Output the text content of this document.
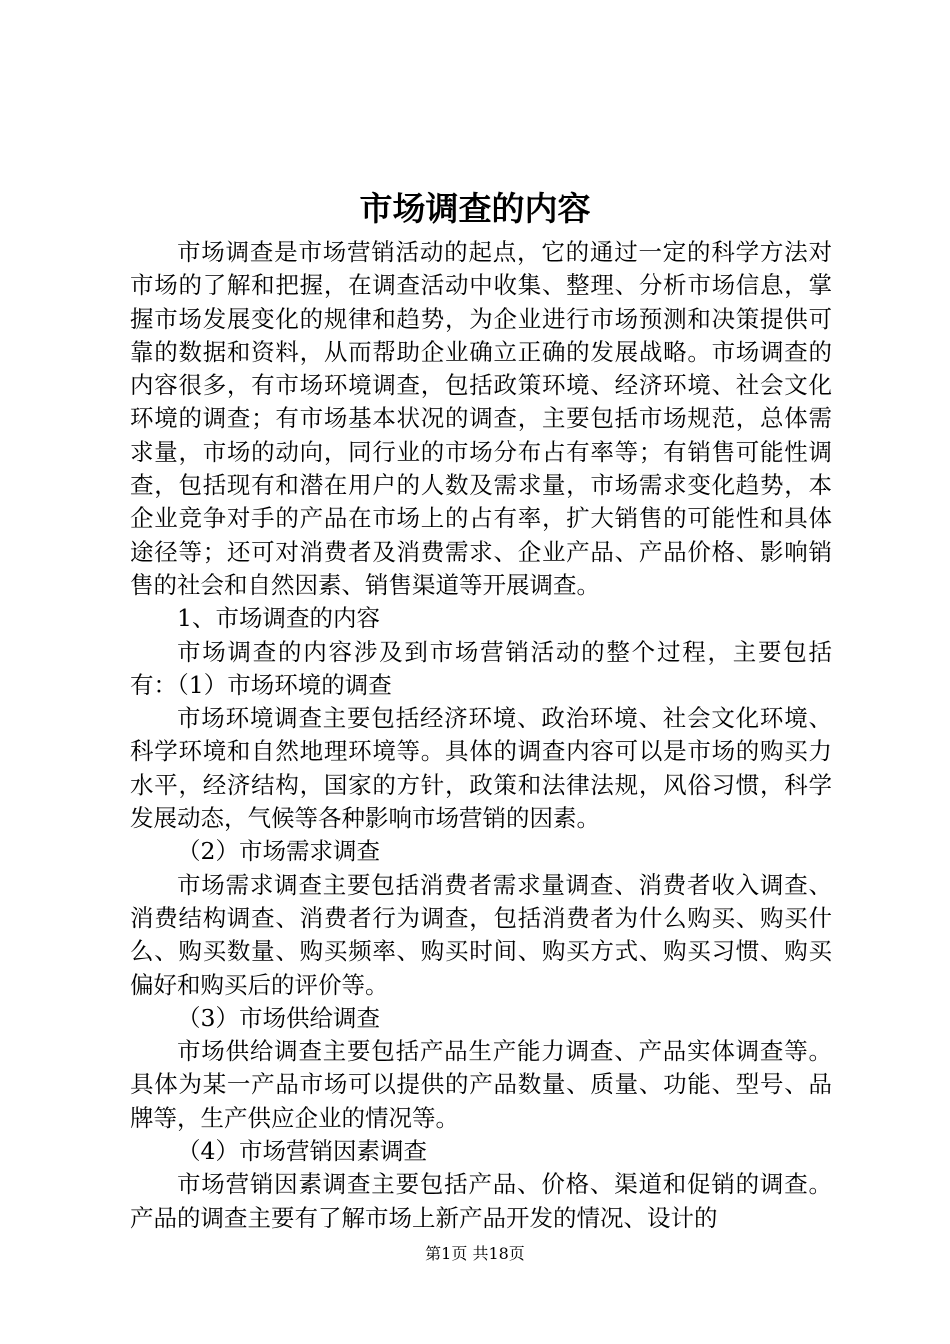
市场调查的内容

市场调查是市场营销活动的起点，它的通过一定的科学方法对市场的了解和把握，在调查活动中收集、整理、分析市场信息，掌握市场发展变化的规律和趋势，为企业进行市场预测和决策提供可靠的数据和资料，从而帮助企业确立正确的发展战略。市场调查的内容很多，有市场环境调查，包括政策环境、经济环境、社会文化环境的调查；有市场基本状况的调查，主要包括市场规范，总体需求量，市场的动向，同行业的市场分布占有率等；有销售可能性调查，包括现有和潜在用户的人数及需求量，市场需求变化趋势，本企业竞争对手的产品在市场上的占有率，扩大销售的可能性和具体途径等；还可对消费者及消费需求、企业产品、产品价格、影响销售的社会和自然因素、销售渠道等开展调查。

1、市场调查的内容

市场调查的内容涉及到市场营销活动的整个过程，主要包括有：（1）市场环境的调查

市场环境调查主要包括经济环境、政治环境、社会文化环境、科学环境和自然地理环境等。具体的调查内容可以是市场的购买力水平，经济结构，国家的方针，政策和法律法规，风俗习惯，科学发展动态，气候等各种影响市场营销的因素。

（2）市场需求调查

市场需求调查主要包括消费者需求量调查、消费者收入调查、消费结构调查、消费者行为调查，包括消费者为什么购买、购买什么、购买数量、购买频率、购买时间、购买方式、购买习惯、购买偏好和购买后的评价等。

（3）市场供给调查

市场供给调查主要包括产品生产能力调查、产品实体调查等。具体为某一产品市场可以提供的产品数量、质量、功能、型号、品牌等，生产供应企业的情况等。

（4）市场营销因素调查

市场营销因素调查主要包括产品、价格、渠道和促销的调查。产品的调查主要有了解市场上新产品开发的情况、设计的

第1页 共18页
